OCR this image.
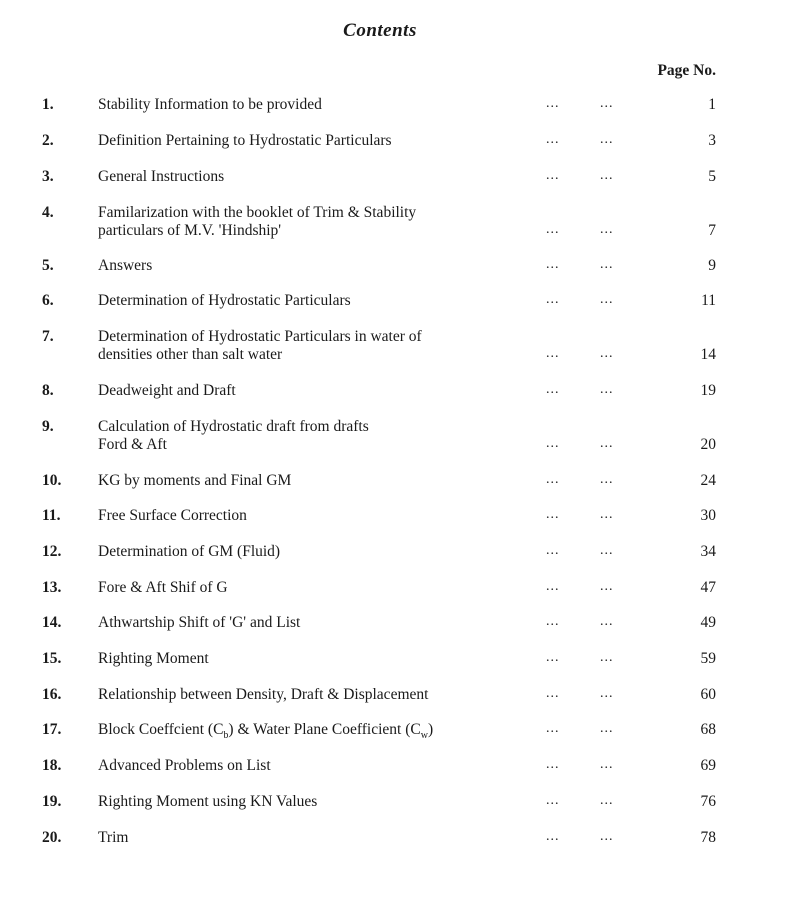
Contents
Page No.
1.	Stability Information to be provided	...	...	1
2.	Definition Pertaining to Hydrostatic Particulars	...	...	3
3.	General Instructions	...	...	5
4.	Familarization with the booklet of Trim & Stability
particulars of M.V. 'Hindship'	...	...	7
5.	Answers	...	...	9
6.	Determination of Hydrostatic Particulars	...	...	11
7.	Determination of Hydrostatic Particulars in water of
densities other than salt water	...	...	14
8.	Deadweight and Draft	...	...	19
9.	Calculation of Hydrostatic draft from drafts
Ford & Aft	...	...	20
10. KG by moments and Final GM	...	...	24
11. Free Surface Correction	...	...	30
12. Determination of GM (Fluid)	...	...	34
13. Fore & Aft Shif of G	...	...	47
14. Athwartship Shift of 'G' and List	...	...	49
15. Righting Moment	...	...	59
16. Relationship between Density, Draft & Displacement	...	...	60
17. Block Coeffcient $(C_b)$ & Water Plane Coefficient $(C_w)$	...	...	68
18. Advanced Problems on List	...	...	69
19. Righting Moment using KN Values	...	...	76
20. Trim	...	...	78
